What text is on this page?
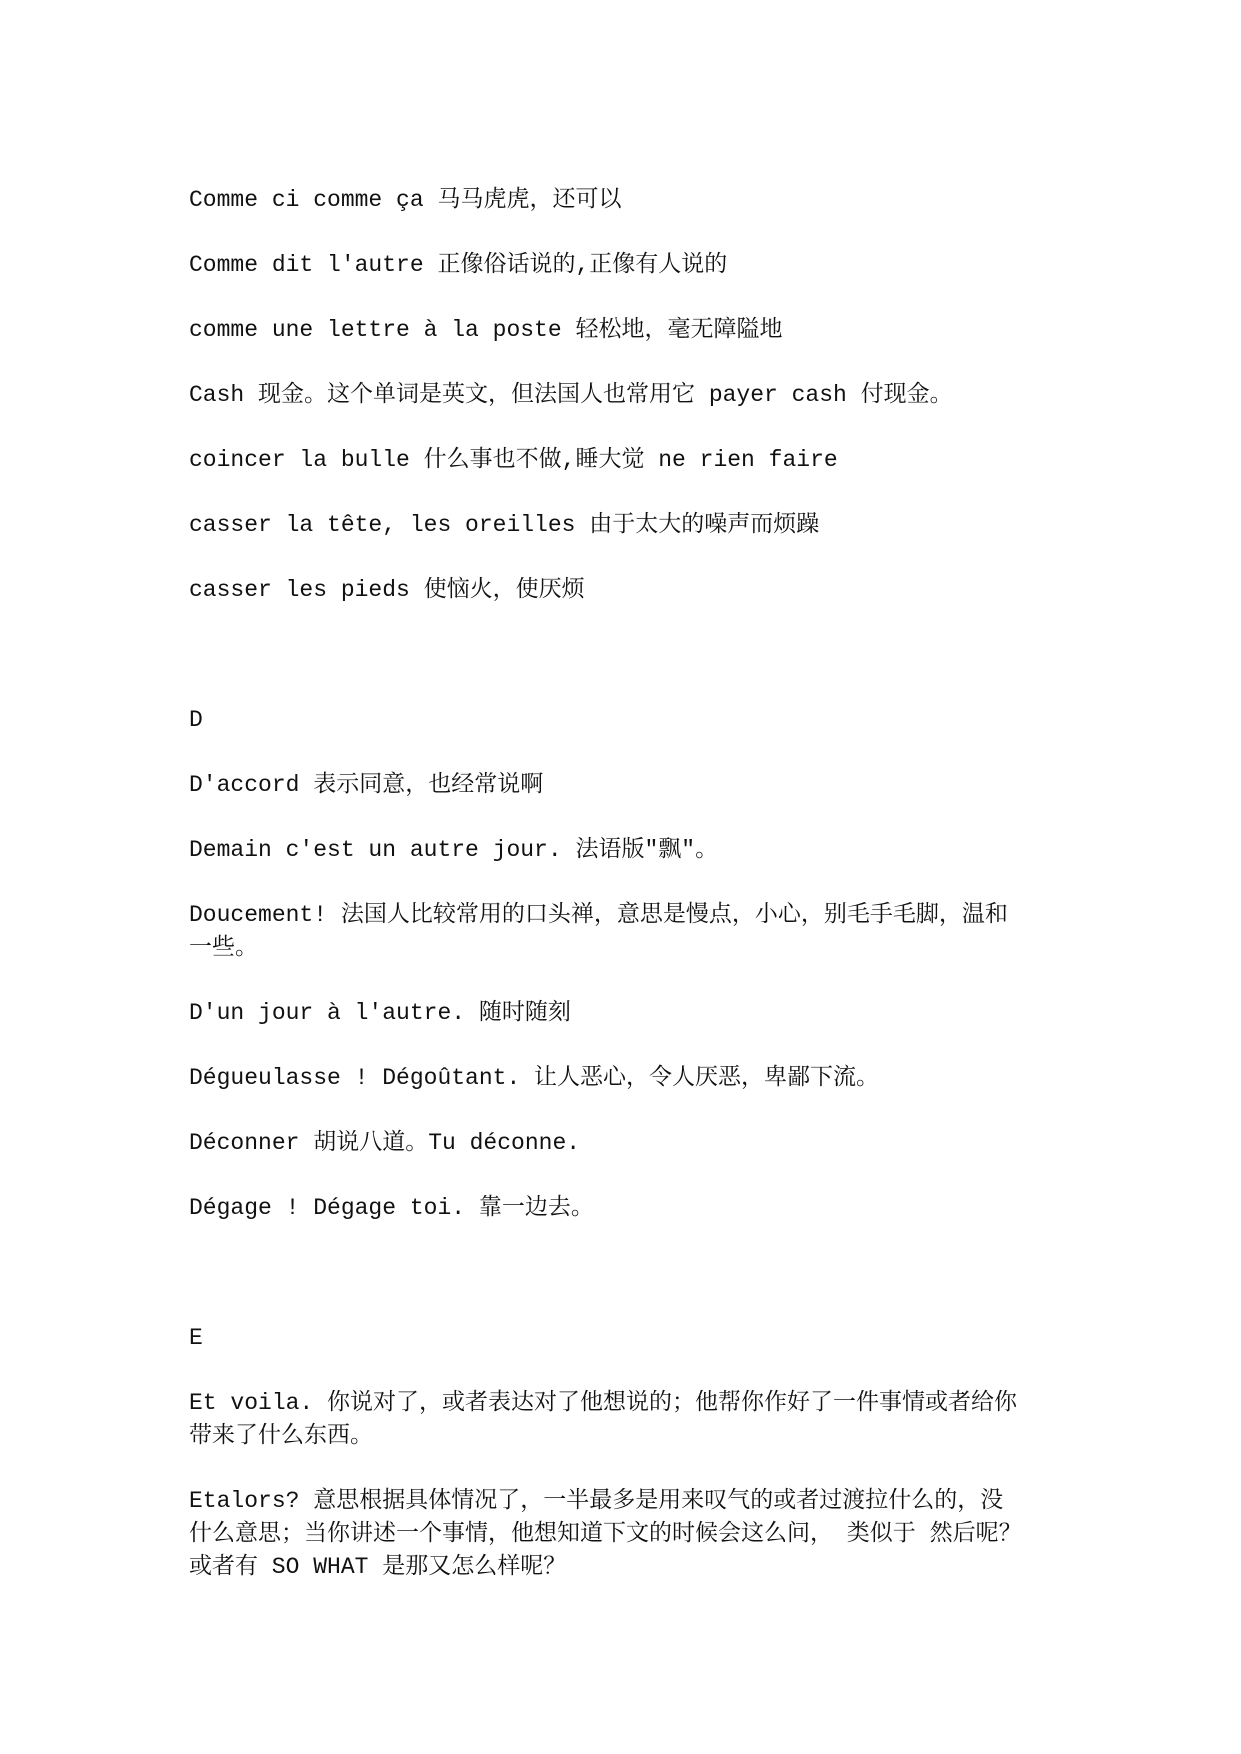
Comme ci comme ça 马马虎虎，还可以

Comme dit l'autre 正像俗话说的,正像有人说的

comme une lettre à la poste 轻松地，毫无障隘地

Cash 现金。这个单词是英文，但法国人也常用它 payer cash 付现金。

coincer la bulle 什么事也不做,睡大觉 ne rien faire

casser la tête, les oreilles 由于太大的噪声而烦躁

casser les pieds 使恼火，使厌烦

D

D'accord 表示同意，也经常说啊

Demain c'est un autre jour. 法语版"飘"。

Doucement! 法国人比较常用的口头禅，意思是慢点，小心，别毛手毛脚，温和
一些。

D'un jour à l'autre. 随时随刻

Dégueulasse ! Dégoûtant. 让人恶心，令人厌恶，卑鄙下流。

Déconner 胡说八道。Tu déconne.

Dégage ! Dégage toi. 靠一边去。

E

Et voila. 你说对了，或者表达对了他想说的；他帮你作好了一件事情或者给你
带来了什么东西。

Etalors? 意思根据具体情况了，一半最多是用来叹气的或者过渡拉什么的，没
什么意思；当你讲述一个事情，他想知道下文的时候会这么问， 类似于 然后呢？
或者有 SO WHAT 是那又怎么样呢？
